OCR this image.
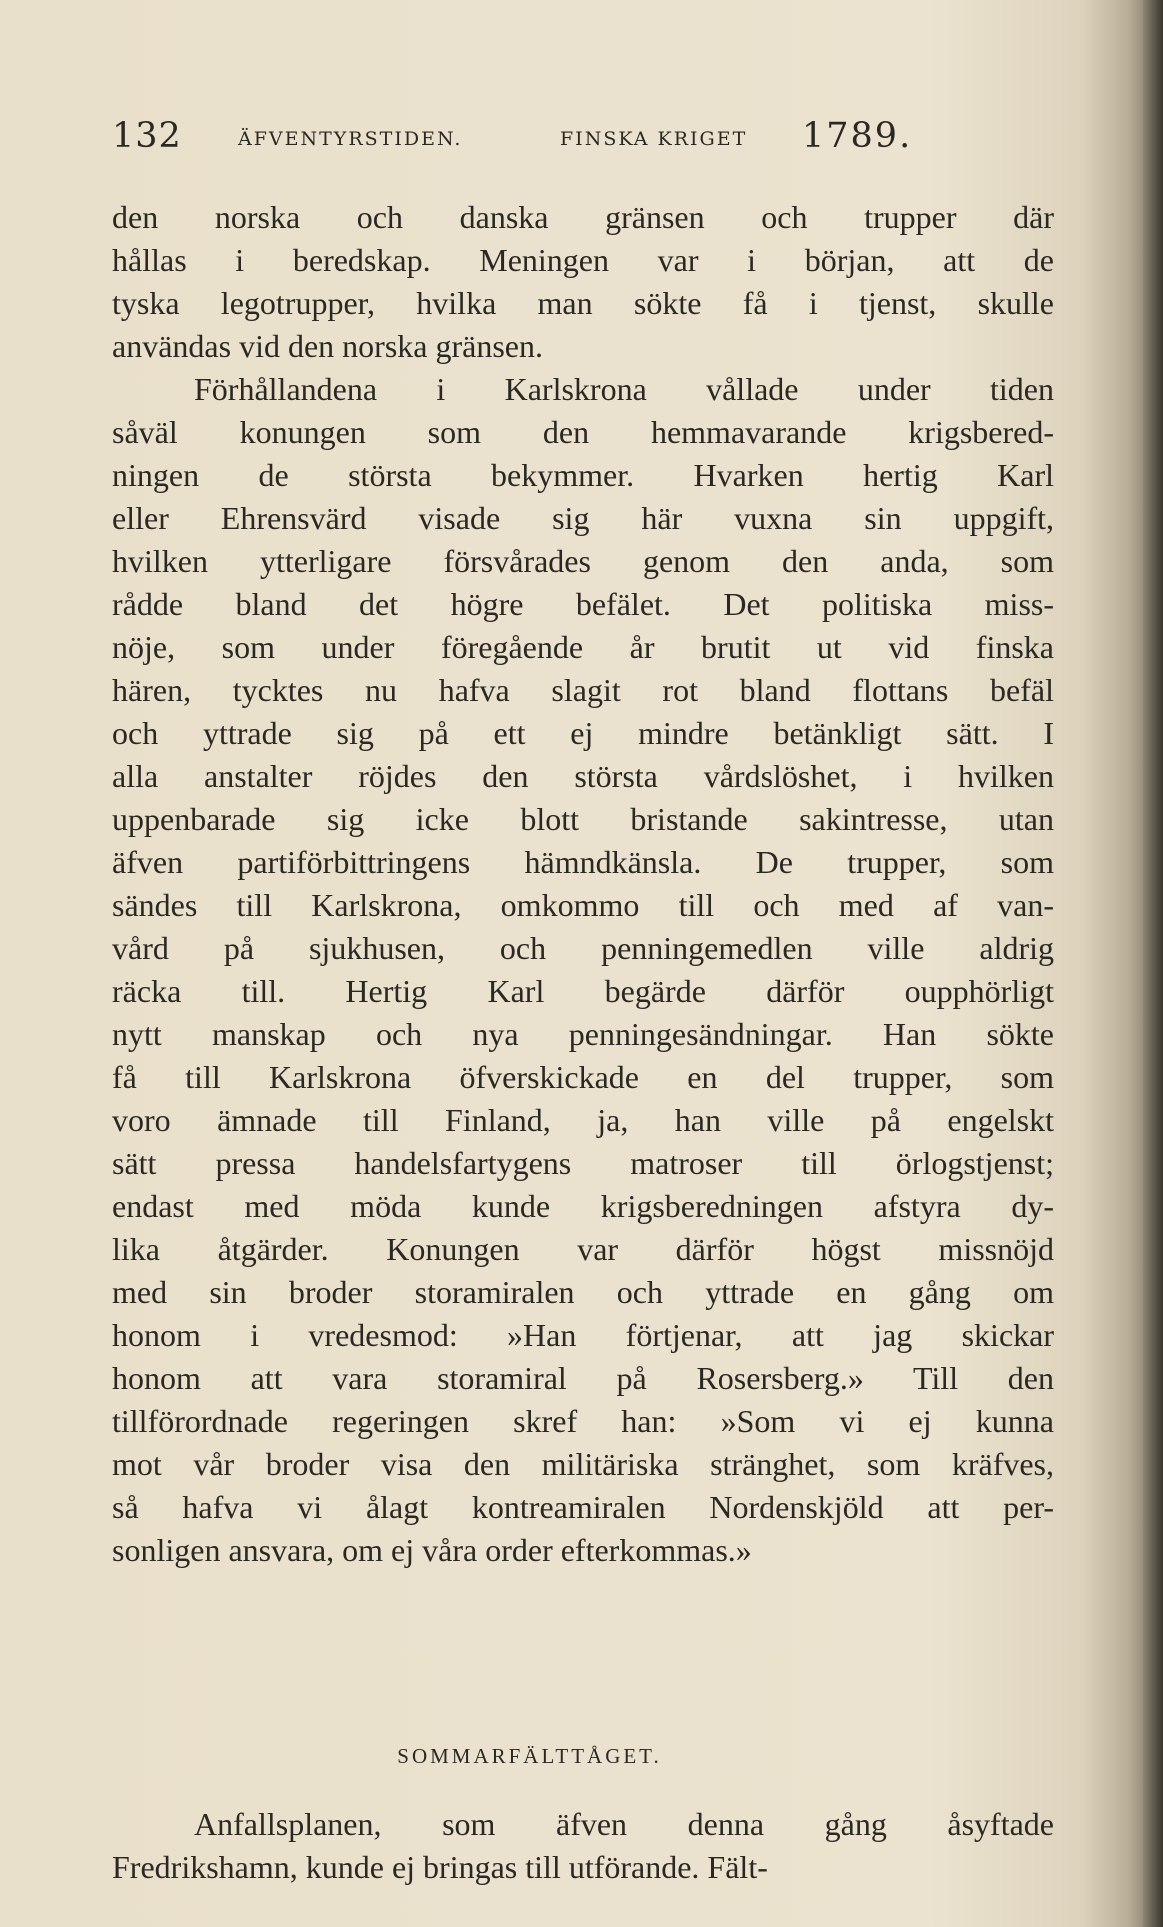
132	ÄFVENTYRSTIDEN.	FINSKA KRIGET 1789.
den norska och danska gränsen och trupper där
hållas i beredskap. Meningen var i början, att de
tyska legotrupper, hvilka man sökte få i tjenst, skulle
användas vid den norska gränsen.
Förhållandena i Karlskrona vållade under tiden
såväl konungen som den hemmavarande krigsbered-
ningen de största bekymmer. Hvarken hertig Karl
eller Ehrensvärd visade sig här vuxna sin uppgift,
hvilken ytterligare försvårades genom den anda, som
rådde bland det högre befälet. Det politiska miss-
nöje, som under föregående år brutit ut vid finska
hären, tycktes nu hafva slagit rot bland flottans befäl
och yttrade sig på ett ej mindre betänkligt sätt. I
alla anstalter röjdes den största vårdslöshet, i hvilken
uppenbarade sig icke blott bristande sakintresse, utan
äfven partiförbittringens hämndkänsla. De trupper, som
sändes till Karlskrona, omkommo till och med af van-
vård på sjukhusen, och penningemedlen ville aldrig
räcka till. Hertig Karl begärde därför oupphörligt
nytt manskap och nya penningesändningar. Han sökte
få till Karlskrona öfverskickade en del trupper, som
voro ämnade till Finland, ja, han ville på engelskt
sätt pressa handelsfartygens matroser till örlogstjenst;
endast med möda kunde krigsberedningen afstyra dy-
lika åtgärder. Konungen var därför högst missnöjd
med sin broder storamiralen och yttrade en gång om
honom i vredesmod: »Han förtjenar, att jag skickar
honom att vara storamiral på Rosersberg.» Till den
tillförordnade regeringen skref han: »Som vi ej kunna
mot vår broder visa den militäriska stränghet, som kräfves,
så hafva vi ålagt kontreamiralen Nordenskjöld att per-
sonligen ansvara, om ej våra order efterkommas.»
SOMMARFÄLTTÅGET.
Anfallsplanen, som äfven denna gång åsyftade
Fredrikshamn, kunde ej bringas till utförande. Fält-
